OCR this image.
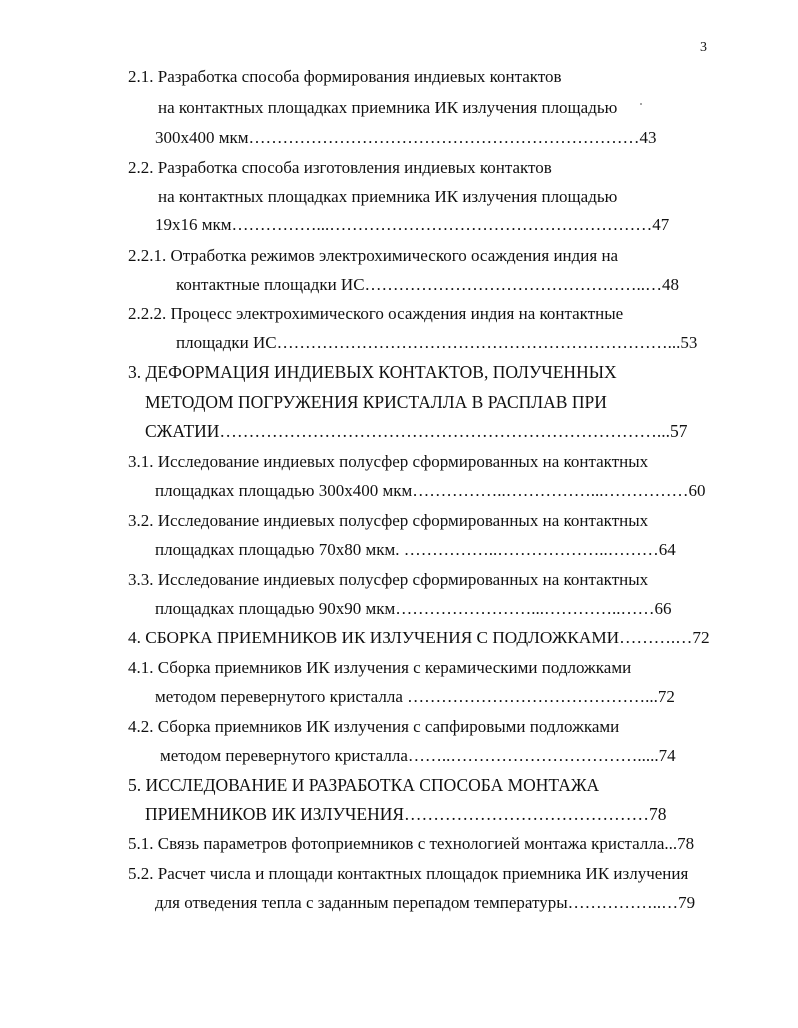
3
2.1. Разработка способа формирования индиевых контактов
на контактных площадках приемника ИК излучения площадью
300x400 мкм……………………………………………………………43
2.2. Разработка способа изготовления индиевых контактов
на контактных площадках приемника ИК излучения площадью
19x16 мкм……………...…………………………………………………47
2.2.1. Отработка режимов электрохимического осаждения индия на
контактные площадки ИС…………………………………………..…48
2.2.2. Процесс электрохимического осаждения индия на контактные
площадки ИС……………………………………………………………...53
3. ДЕФОРМАЦИЯ ИНДИЕВЫХ КОНТАКТОВ, ПОЛУЧЕННЫХ
МЕТОДОМ ПОГРУЖЕНИЯ КРИСТАЛЛА В РАСПЛАВ ПРИ
СЖАТИИ…………………………………………………………………...57
3.1. Исследование индиевых полусфер сформированных на контактных
площадках площадью 300x400 мкм……………..……………...……………60
3.2. Исследование индиевых полусфер сформированных на контактных
площадках площадью 70x80 мкм. ……………..………………..………64
3.3. Исследование индиевых полусфер сформированных на контактных
площадках площадью 90x90 мкм……………………...…………..……66
4. СБОРКА ПРИЕМНИКОВ ИК ИЗЛУЧЕНИЯ С ПОДЛОЖКАМИ……….…72
4.1. Сборка приемников ИК излучения с керамическими подложками
методом перевернутого кристалла ……………………………………...72
4.2. Сборка приемников ИК излучения с сапфировыми подложками
методом перевернутого кристалла……..…………………………….....74
5. ИССЛЕДОВАНИЕ И РАЗРАБОТКА СПОСОБА МОНТАЖА
ПРИЕМНИКОВ ИК ИЗЛУЧЕНИЯ……………………………………78
5.1. Связь параметров фотоприемников с технологией монтажа кристалла...78
5.2. Расчет числа и площади контактных площадок приемника ИК излучения
для отведения тепла с заданным перепадом температуры……………..…79
